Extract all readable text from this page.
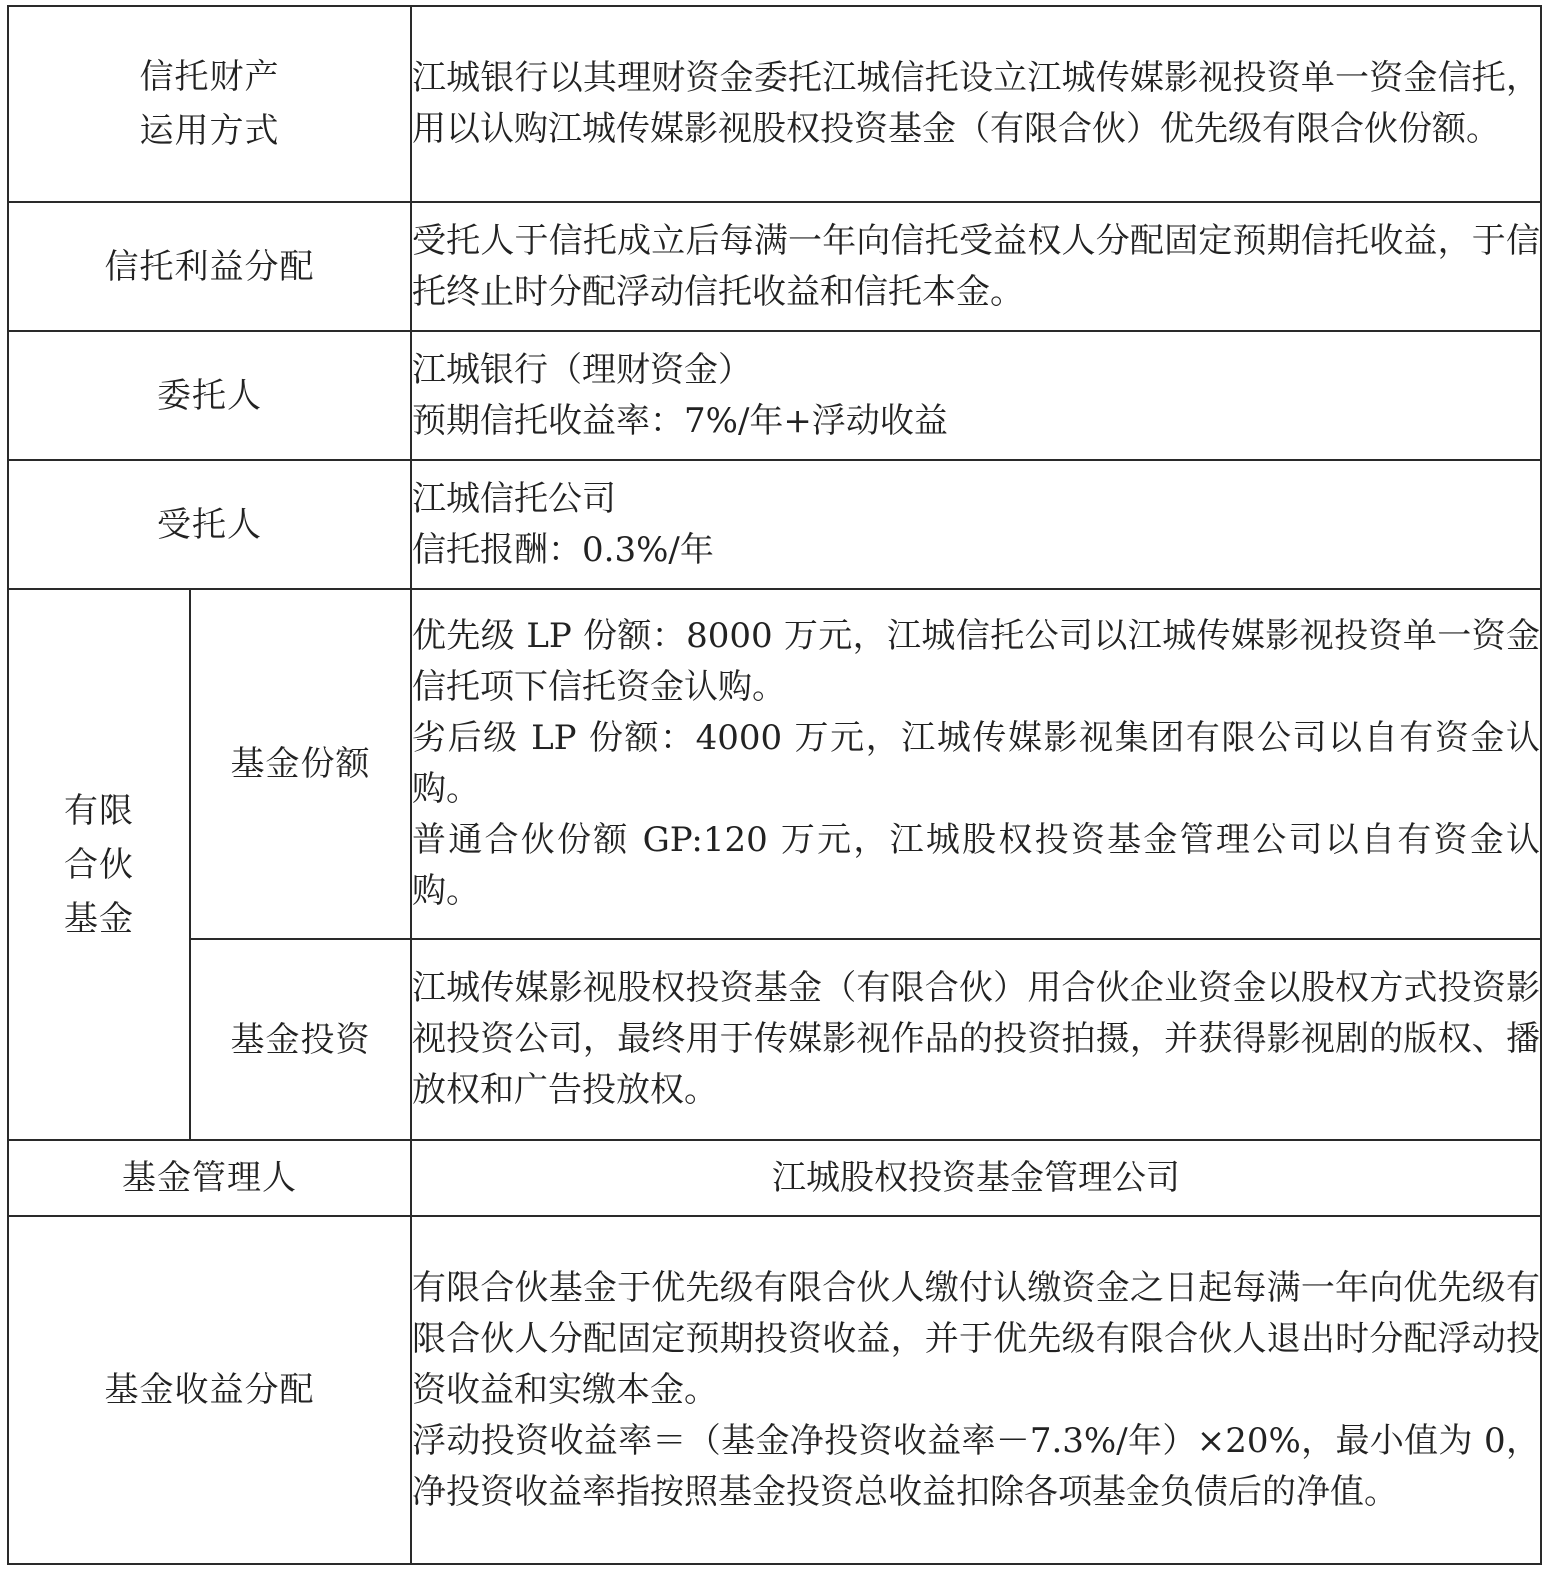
信托财产
运用方式		江城银行以其理财资金委托江城信托设立江城传媒影视投资单一资金信托，用以认购江城传媒影视股权投资基金（有限合伙）优先级有限合伙份额。
信托利益分配		受托人于信托成立后每满一年向信托受益权人分配固定预期信托收益，于信托终止时分配浮动信托收益和信托本金。
委托人		江城银行（理财资金）
预期信托收益率：7%/年+浮动收益

受托人		江城信托公司
信托报酬：0.3%/年

有限
合伙
基金	基金份额	优先级 LP 份额：8000 万元，江城信托公司以江城传媒影视投资单一资金信托项下信托资金认购。
劣后级 LP 份额：4000 万元，江城传媒影视集团有限公司以自有资金认购。
普通合伙份额 GP:120 万元，江城股权投资基金管理公司以自有资金认购。

	基金投资	江城传媒影视股权投资基金（有限合伙）用合伙企业资金以股权方式投资影视投资公司，最终用于传媒影视作品的投资拍摄，并获得影视剧的版权、播放权和广告投放权。
基金管理人		江城股权投资基金管理公司
基金收益分配		有限合伙基金于优先级有限合伙人缴付认缴资金之日起每满一年向优先级有限合伙人分配固定预期投资收益，并于优先级有限合伙人退出时分配浮动投资收益和实缴本金。
浮动投资收益率＝（基金净投资收益率－7.3%/年）×20%，最小值为 0，净投资收益率指按照基金投资总收益扣除各项基金负债后的净值。
